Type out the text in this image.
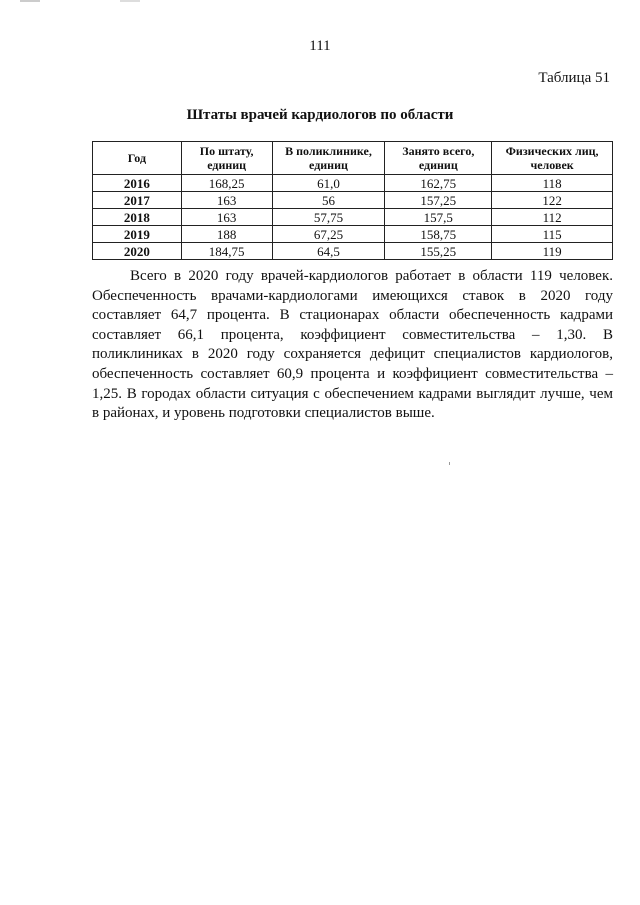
111
Таблица 51
Штаты врачей кардиологов по области
Год	По штату, единиц	В поликлинике, единиц	Занято всего, единиц	Физических лиц, человек
2016	168,25	61,0	162,75	118
2017	163	56	157,25	122
2018	163	57,75	157,5	112
2019	188	67,25	158,75	115
2020	184,75	64,5	155,25	119

Всего в 2020 году врачей-кардиологов работает в области 119 человек. Обеспеченность врачами-кардиологами имеющихся ставок в 2020 году составляет 64,7 процента. В стационарах области обеспеченность кадрами составляет 66,1 процента, коэффициент совместительства – 1,30. В поликлиниках в 2020 году сохраняется дефицит специалистов кардиологов, обеспеченность составляет 60,9 процента и коэффициент совместительства – 1,25. В городах области ситуация с обеспечением кадрами выглядит лучше, чем в районах, и уровень подготовки специалистов выше.
